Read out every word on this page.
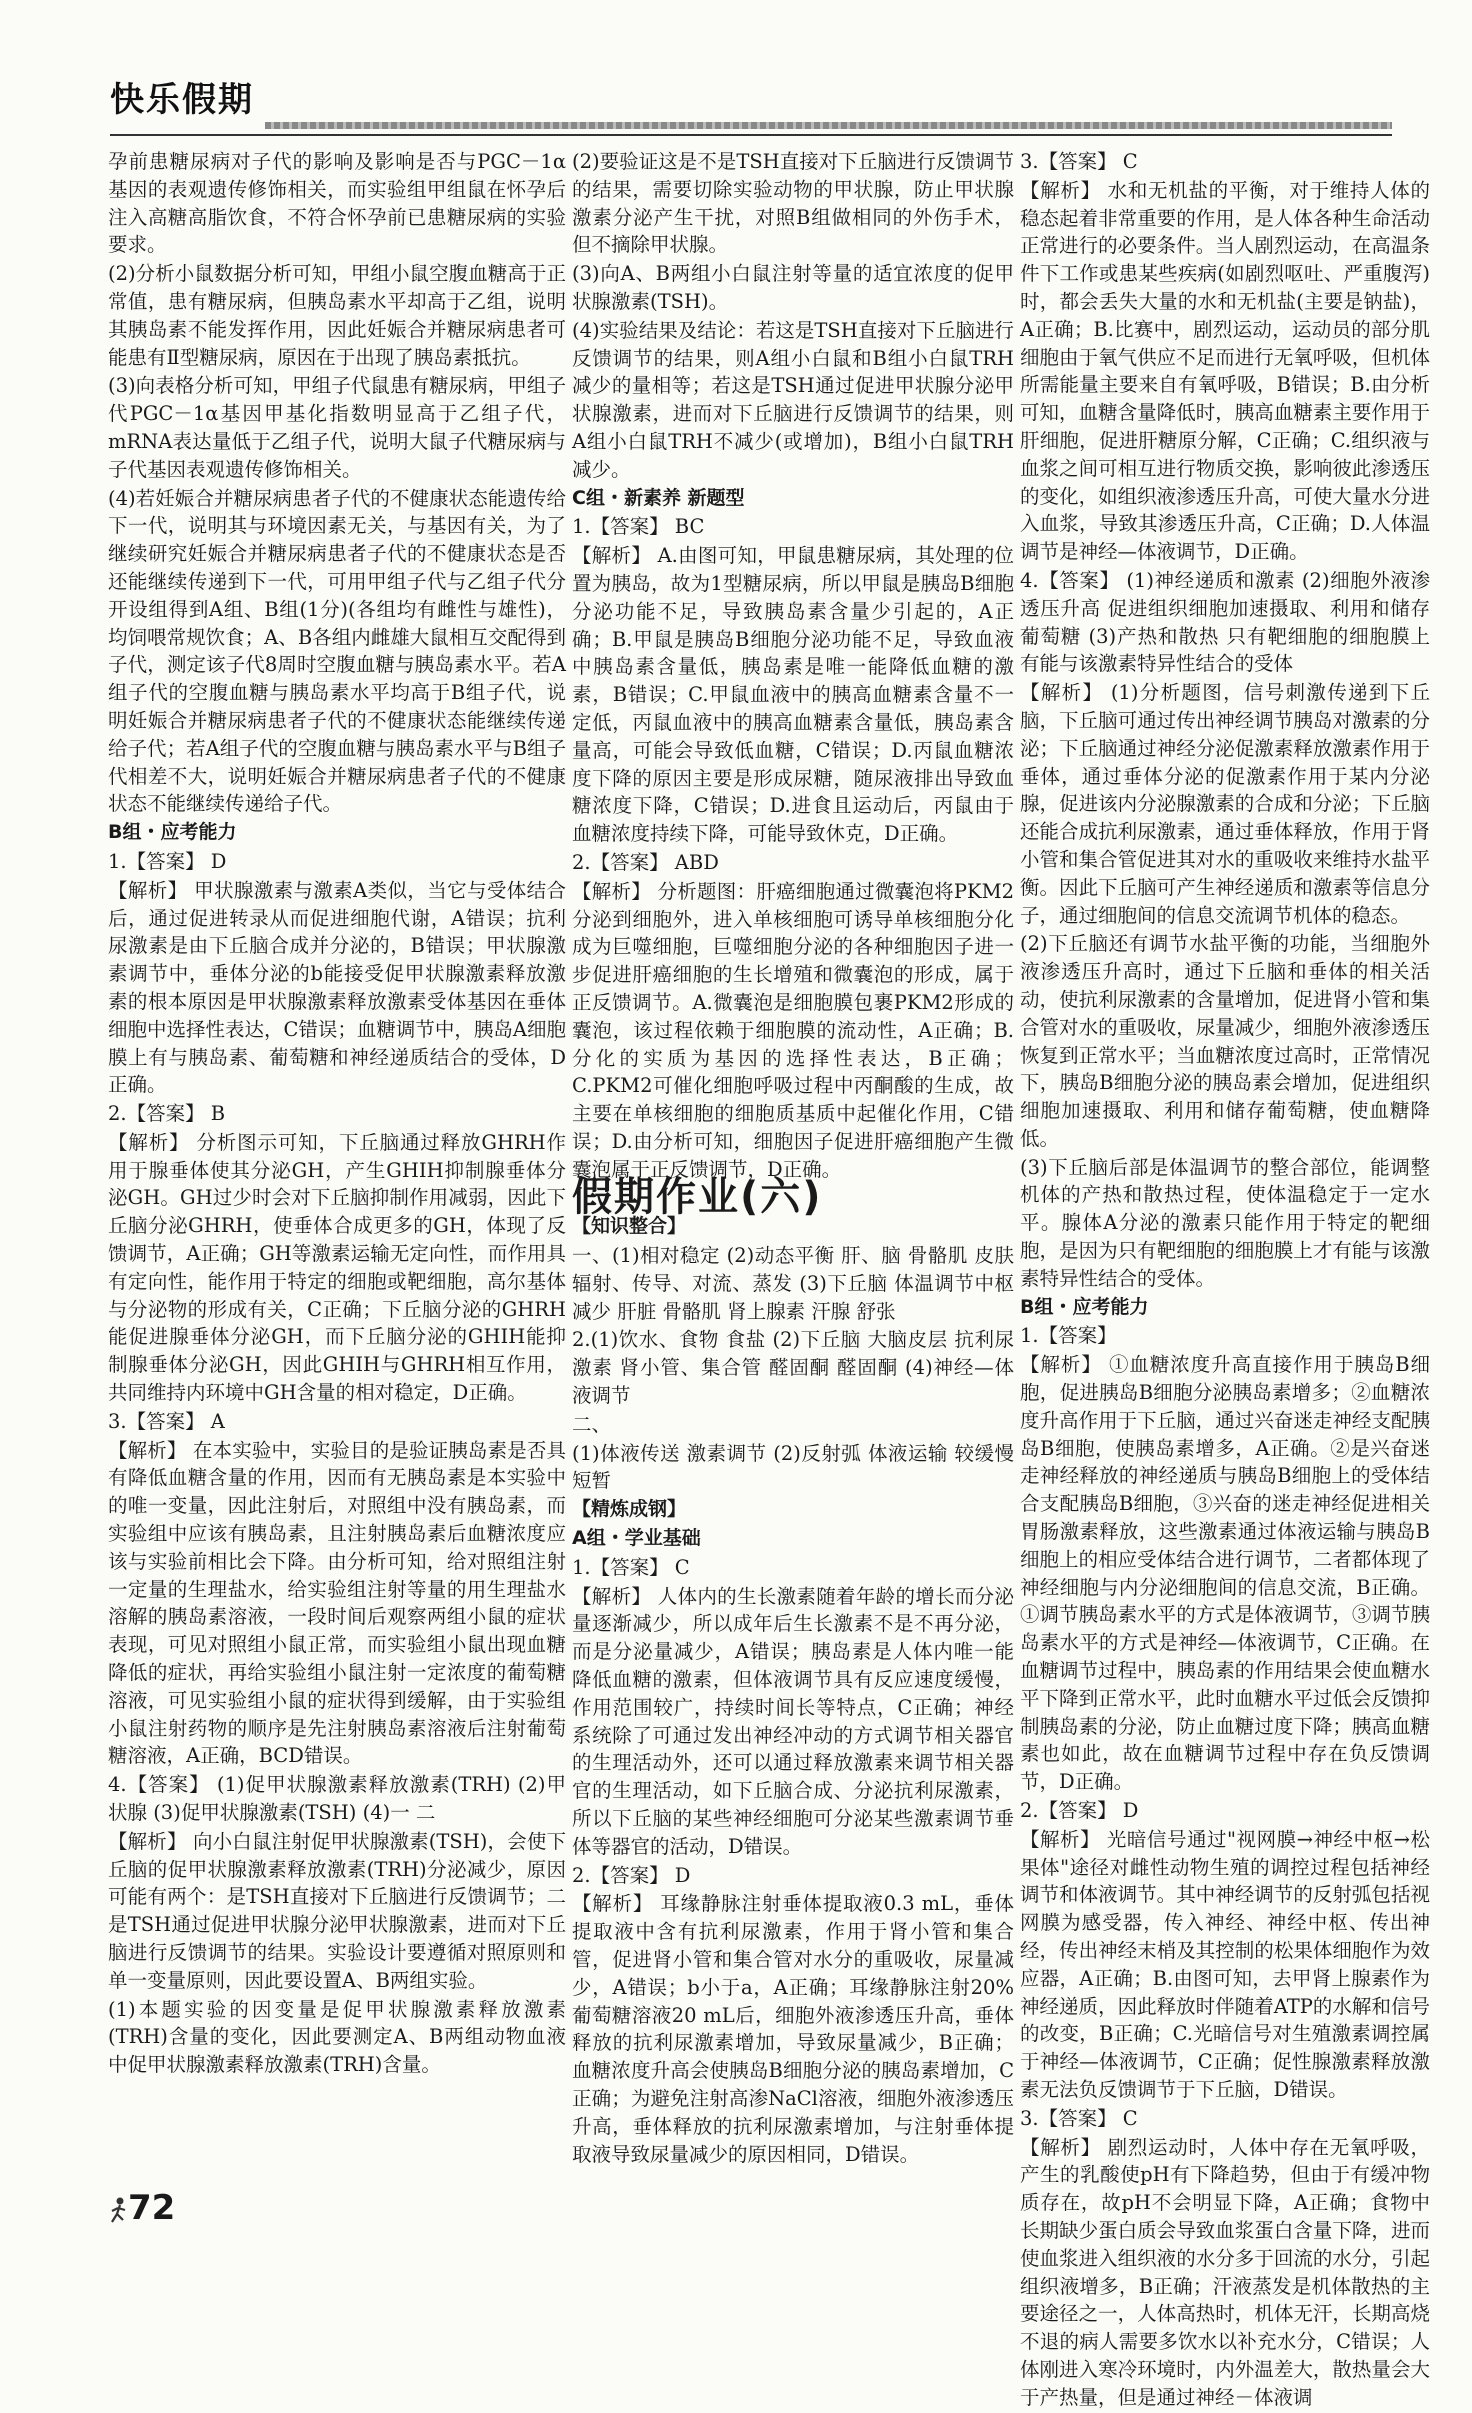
快乐假期

孕前患糖尿病对子代的影响及影响是否与PGC－1α基因的表观遗传修饰相关，而实验组甲组鼠在怀孕后注入高糖高脂饮食，不符合怀孕前已患糖尿病的实验要求。

(2)分析小鼠数据分析可知，甲组小鼠空腹血糖高于正常值，患有糖尿病，但胰岛素水平却高于乙组，说明其胰岛素不能发挥作用，因此妊娠合并糖尿病患者可能患有Ⅱ型糖尿病，原因在于出现了胰岛素抵抗。

(3)向表格分析可知，甲组子代鼠患有糖尿病，甲组子代PGC－1α基因甲基化指数明显高于乙组子代，mRNA表达量低于乙组子代，说明大鼠子代糖尿病与子代基因表观遗传修饰相关。

(4)若妊娠合并糖尿病患者子代的不健康状态能遗传给下一代，说明其与环境因素无关，与基因有关，为了继续研究妊娠合并糖尿病患者子代的不健康状态是否还能继续传递到下一代，可用甲组子代与乙组子代分开设组得到A组、B组(1分)(各组均有雌性与雄性)，均饲喂常规饮食；A、B各组内雌雄大鼠相互交配得到子代，测定该子代8周时空腹血糖与胰岛素水平。若A组子代的空腹血糖与胰岛素水平均高于B组子代，说明妊娠合并糖尿病患者子代的不健康状态能继续传递给子代；若A组子代的空腹血糖与胰岛素水平与B组子代相差不大，说明妊娠合并糖尿病患者子代的不健康状态不能继续传递给子代。

B组・应考能力

1.【答案】 D

【解析】 甲状腺激素与激素A类似，当它与受体结合后，通过促进转录从而促进细胞代谢，A错误；抗利尿激素是由下丘脑合成并分泌的，B错误；甲状腺激素调节中，垂体分泌的b能接受促甲状腺激素释放激素的根本原因是甲状腺激素释放激素受体基因在垂体细胞中选择性表达，C错误；血糖调节中，胰岛A细胞膜上有与胰岛素、葡萄糖和神经递质结合的受体，D正确。

2.【答案】 B

【解析】 分析图示可知，下丘脑通过释放GHRH作用于腺垂体使其分泌GH，产生GHIH抑制腺垂体分泌GH。GH过少时会对下丘脑抑制作用减弱，因此下丘脑分泌GHRH，使垂体合成更多的GH，体现了反馈调节，A正确；GH等激素运输无定向性，而作用具有定向性，能作用于特定的细胞或靶细胞，高尔基体与分泌物的形成有关，C正确；下丘脑分泌的GHRH能促进腺垂体分泌GH，而下丘脑分泌的GHIH能抑制腺垂体分泌GH，因此GHIH与GHRH相互作用，共同维持内环境中GH含量的相对稳定，D正确。

3.【答案】 A

【解析】 在本实验中，实验目的是验证胰岛素是否具有降低血糖含量的作用，因而有无胰岛素是本实验中的唯一变量，因此注射后，对照组中没有胰岛素，而实验组中应该有胰岛素，且注射胰岛素后血糖浓度应该与实验前相比会下降。由分析可知，给对照组注射一定量的生理盐水，给实验组注射等量的用生理盐水溶解的胰岛素溶液，一段时间后观察两组小鼠的症状表现，可见对照组小鼠正常，而实验组小鼠出现血糖降低的症状，再给实验组小鼠注射一定浓度的葡萄糖溶液，可见实验组小鼠的症状得到缓解，由于实验组小鼠注射药物的顺序是先注射胰岛素溶液后注射葡萄糖溶液，A正确，BCD错误。

4.【答案】 (1)促甲状腺激素释放激素(TRH) (2)甲状腺 (3)促甲状腺激素(TSH) (4)一 二

【解析】 向小白鼠注射促甲状腺激素(TSH)，会使下丘脑的促甲状腺激素释放激素(TRH)分泌减少，原因可能有两个：是TSH直接对下丘脑进行反馈调节；二是TSH通过促进甲状腺分泌甲状腺激素，进而对下丘脑进行反馈调节的结果。实验设计要遵循对照原则和单一变量原则，因此要设置A、B两组实验。

(1)本题实验的因变量是促甲状腺激素释放激素(TRH)含量的变化，因此要测定A、B两组动物血液中促甲状腺激素释放激素(TRH)含量。

(2)要验证这是不是TSH直接对下丘脑进行反馈调节的结果，需要切除实验动物的甲状腺，防止甲状腺激素分泌产生干扰，对照B组做相同的外伤手术，但不摘除甲状腺。

(3)向A、B两组小白鼠注射等量的适宜浓度的促甲状腺激素(TSH)。

(4)实验结果及结论：若这是TSH直接对下丘脑进行反馈调节的结果，则A组小白鼠和B组小白鼠TRH减少的量相等；若这是TSH通过促进甲状腺分泌甲状腺激素，进而对下丘脑进行反馈调节的结果，则A组小白鼠TRH不减少(或增加)，B组小白鼠TRH减少。

C组・新素养 新题型

1.【答案】 BC

【解析】 A.由图可知，甲鼠患糖尿病，其处理的位置为胰岛，故为1型糖尿病，所以甲鼠是胰岛B细胞分泌功能不足，导致胰岛素含量少引起的，A正确；B.甲鼠是胰岛B细胞分泌功能不足，导致血液中胰岛素含量低，胰岛素是唯一能降低血糖的激素，B错误；C.甲鼠血液中的胰高血糖素含量不一定低，丙鼠血液中的胰高血糖素含量低，胰岛素含量高，可能会导致低血糖，C错误；D.丙鼠血糖浓度下降的原因主要是形成尿糖，随尿液排出导致血糖浓度下降，C错误；D.进食且运动后，丙鼠由于血糖浓度持续下降，可能导致休克，D正确。

2.【答案】 ABD

【解析】 分析题图：肝癌细胞通过微囊泡将PKM2分泌到细胞外，进入单核细胞可诱导单核细胞分化成为巨噬细胞，巨噬细胞分泌的各种细胞因子进一步促进肝癌细胞的生长增殖和微囊泡的形成，属于正反馈调节。A.微囊泡是细胞膜包裹PKM2形成的囊泡，该过程依赖于细胞膜的流动性，A正确；B.分化的实质为基因的选择性表达，B正确；C.PKM2可催化细胞呼吸过程中丙酮酸的生成，故主要在单核细胞的细胞质基质中起催化作用，C错误；D.由分析可知，细胞因子促进肝癌细胞产生微囊泡属于正反馈调节，D正确。

假期作业(六)

【知识整合】

一、(1)相对稳定 (2)动态平衡 肝、脑 骨骼肌 皮肤 辐射、传导、对流、蒸发 (3)下丘脑 体温调节中枢 减少 肝脏 骨骼肌 肾上腺素 汗腺 舒张

2.(1)饮水、食物 食盐 (2)下丘脑 大脑皮层 抗利尿激素 肾小管、集合管 醛固酮 醛固酮 (4)神经—体液调节

二、

(1)体液传送 激素调节 (2)反射弧 体液运输 较缓慢 短暂

【精炼成钢】

A组・学业基础

1.【答案】 C

【解析】 人体内的生长激素随着年龄的增长而分泌量逐渐减少，所以成年后生长激素不是不再分泌，而是分泌量减少，A错误；胰岛素是人体内唯一能降低血糖的激素，但体液调节具有反应速度缓慢，作用范围较广，持续时间长等特点，C正确；神经系统除了可通过发出神经冲动的方式调节相关器官的生理活动外，还可以通过释放激素来调节相关器官的生理活动，如下丘脑合成、分泌抗利尿激素，所以下丘脑的某些神经细胞可分泌某些激素调节垂体等器官的活动，D错误。

2.【答案】 D

【解析】 耳缘静脉注射垂体提取液0.3 mL，垂体提取液中含有抗利尿激素，作用于肾小管和集合管，促进肾小管和集合管对水分的重吸收，尿量减少，A错误；b小于a，A正确；耳缘静脉注射20%葡萄糖溶液20 mL后，细胞外液渗透压升高，垂体释放的抗利尿激素增加，导致尿量减少，B正确；血糖浓度升高会使胰岛B细胞分泌的胰岛素增加，C正确；为避免注射高渗NaCl溶液，细胞外液渗透压升高，垂体释放的抗利尿激素增加，与注射垂体提取液导致尿量减少的原因相同，D错误。

3.【答案】 C

【解析】 水和无机盐的平衡，对于维持人体的稳态起着非常重要的作用，是人体各种生命活动正常进行的必要条件。当人剧烈运动，在高温条件下工作或患某些疾病(如剧烈呕吐、严重腹泻)时，都会丢失大量的水和无机盐(主要是钠盐)，A正确；B.比赛中，剧烈运动，运动员的部分肌细胞由于氧气供应不足而进行无氧呼吸，但机体所需能量主要来自有氧呼吸，B错误；B.由分析可知，血糖含量降低时，胰高血糖素主要作用于肝细胞，促进肝糖原分解，C正确；C.组织液与血浆之间可相互进行物质交换，影响彼此渗透压的变化，如组织液渗透压升高，可使大量水分进入血浆，导致其渗透压升高，C正确；D.人体温调节是神经—体液调节，D正确。

4.【答案】 (1)神经递质和激素 (2)细胞外液渗透压升高 促进组织细胞加速摄取、利用和储存葡萄糖 (3)产热和散热 只有靶细胞的细胞膜上有能与该激素特异性结合的受体

【解析】 (1)分析题图，信号刺激传递到下丘脑，下丘脑可通过传出神经调节胰岛对激素的分泌；下丘脑通过神经分泌促激素释放激素作用于垂体，通过垂体分泌的促激素作用于某内分泌腺，促进该内分泌腺激素的合成和分泌；下丘脑还能合成抗利尿激素，通过垂体释放，作用于肾小管和集合管促进其对水的重吸收来维持水盐平衡。因此下丘脑可产生神经递质和激素等信息分子，通过细胞间的信息交流调节机体的稳态。

(2)下丘脑还有调节水盐平衡的功能，当细胞外液渗透压升高时，通过下丘脑和垂体的相关活动，使抗利尿激素的含量增加，促进肾小管和集合管对水的重吸收，尿量减少，细胞外液渗透压恢复到正常水平；当血糖浓度过高时，正常情况下，胰岛B细胞分泌的胰岛素会增加，促进组织细胞加速摄取、利用和储存葡萄糖，使血糖降低。

(3)下丘脑后部是体温调节的整合部位，能调整机体的产热和散热过程，使体温稳定于一定水平。腺体A分泌的激素只能作用于特定的靶细胞，是因为只有靶细胞的细胞膜上才有能与该激素特异性结合的受体。

B组・应考能力

1.【答案】

【解析】 ①血糖浓度升高直接作用于胰岛B细胞，促进胰岛B细胞分泌胰岛素增多；②血糖浓度升高作用于下丘脑，通过兴奋迷走神经支配胰岛B细胞，使胰岛素增多，A正确。②是兴奋迷走神经释放的神经递质与胰岛B细胞上的受体结合支配胰岛B细胞，③兴奋的迷走神经促进相关胃肠激素释放，这些激素通过体液运输与胰岛B细胞上的相应受体结合进行调节，二者都体现了神经细胞与内分泌细胞间的信息交流，B正确。①调节胰岛素水平的方式是体液调节，③调节胰岛素水平的方式是神经—体液调节，C正确。在血糖调节过程中，胰岛素的作用结果会使血糖水平下降到正常水平，此时血糖水平过低会反馈抑制胰岛素的分泌，防止血糖过度下降；胰高血糖素也如此，故在血糖调节过程中存在负反馈调节，D正确。

2.【答案】 D

【解析】 光暗信号通过"视网膜→神经中枢→松果体"途径对雌性动物生殖的调控过程包括神经调节和体液调节。其中神经调节的反射弧包括视网膜为感受器，传入神经、神经中枢、传出神经，传出神经末梢及其控制的松果体细胞作为效应器，A正确；B.由图可知，去甲肾上腺素作为神经递质，因此释放时伴随着ATP的水解和信号的改变，B正确；C.光暗信号对生殖激素调控属于神经—体液调节，C正确；促性腺激素释放激素无法负反馈调节于下丘脑，D错误。

3.【答案】 C

【解析】 剧烈运动时，人体中存在无氧呼吸，产生的乳酸使pH有下降趋势，但由于有缓冲物质存在，故pH不会明显下降，A正确；食物中长期缺少蛋白质会导致血浆蛋白含量下降，进而使血浆进入组织液的水分多于回流的水分，引起组织液增多，B正确；汗液蒸发是机体散热的主要途径之一，人体高热时，机体无汗，长期高烧不退的病人需要多饮水以补充水分，C错误；人体刚进入寒冷环境时，内外温差大，散热量会大于产热量，但是通过神经－体液调

72
